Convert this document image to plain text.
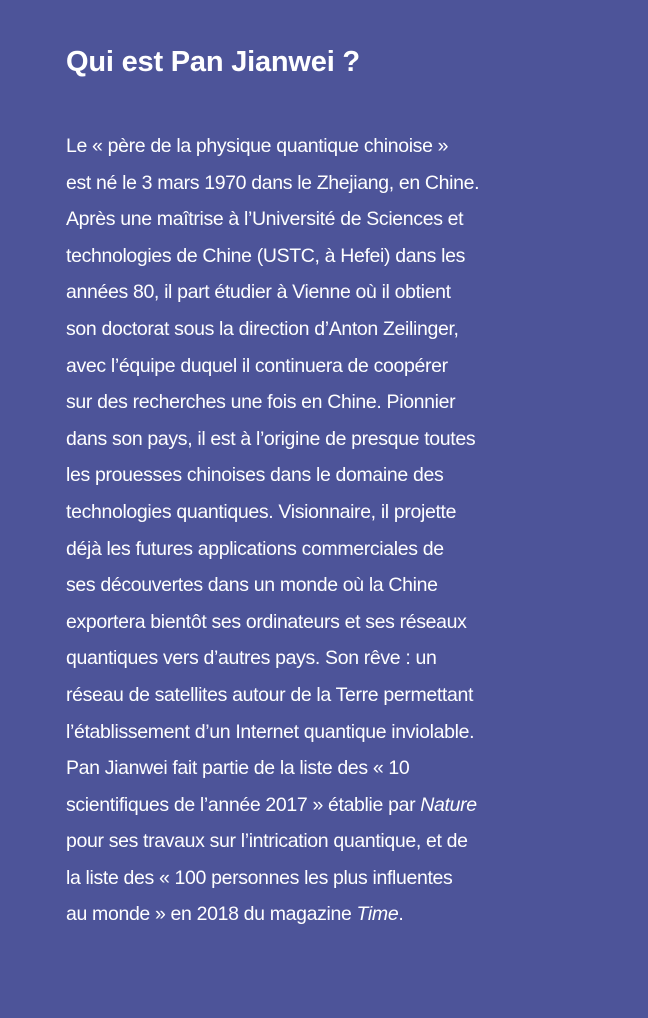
Qui est Pan Jianwei ?
Le « père de la physique quantique chinoise »
est né le 3 mars 1970 dans le Zhejiang, en Chine.
Après une maîtrise à l’Université de Sciences et
technologies de Chine (USTC, à Hefei) dans les
années 80, il part étudier à Vienne où il obtient
son doctorat sous la direction d’Anton Zeilinger,
avec l’équipe duquel il continuera de coopérer
sur des recherches une fois en Chine. Pionnier
dans son pays, il est à l’origine de presque toutes
les prouesses chinoises dans le domaine des
technologies quantiques. Visionnaire, il projette
déjà les futures applications commerciales de
ses découvertes dans un monde où la Chine
exportera bientôt ses ordinateurs et ses réseaux
quantiques vers d’autres pays. Son rêve : un
réseau de satellites autour de la Terre permettant
l’établissement d’un Internet quantique inviolable.
Pan Jianwei fait partie de la liste des « 10
scientifiques de l’année 2017 » établie par Nature
pour ses travaux sur l’intrication quantique, et de
la liste des « 100 personnes les plus influentes
au monde » en 2018 du magazine Time.
